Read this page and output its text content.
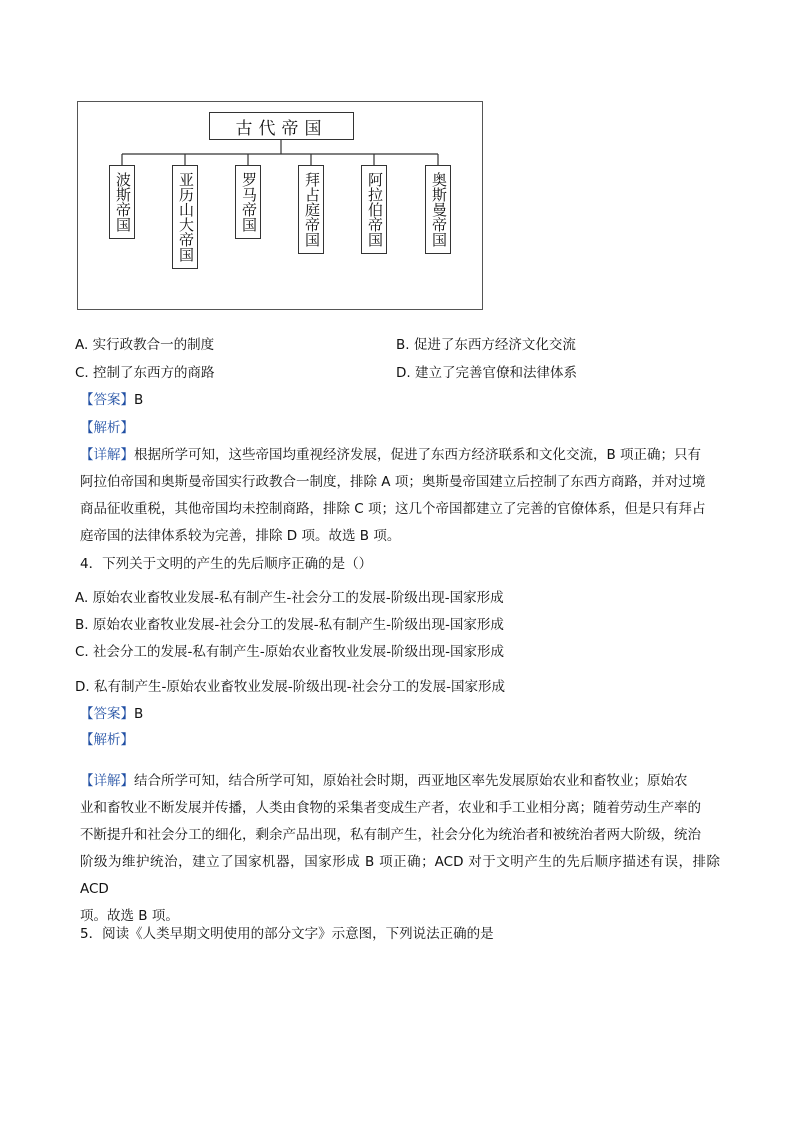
古代帝国
波斯帝国	亚历山大帝国	罗马帝国	拜占庭帝国	阿拉伯帝国	奥斯曼帝国
A. 实行政教合一的制度	B. 促进了东西方经济文化交流
C. 控制了东西方的商路	D. 建立了完善官僚和法律体系
【答案】B
【解析】
【详解】根据所学可知，这些帝国均重视经济发展，促进了东西方经济联系和文化交流，B 项正确；只有
阿拉伯帝国和奥斯曼帝国实行政教合一制度，排除 A 项；奥斯曼帝国建立后控制了东西方商路，并对过境
商品征收重税，其他帝国均未控制商路，排除 C 项；这几个帝国都建立了完善的官僚体系，但是只有拜占
庭帝国的法律体系较为完善，排除 D 项。故选 B 项。
4．下列关于文明的产生的先后顺序正确的是（）
A. 原始农业畜牧业发展-私有制产生-社会分工的发展-阶级出现-国家形成
B. 原始农业畜牧业发展-社会分工的发展-私有制产生-阶级出现-国家形成
C. 社会分工的发展-私有制产生-原始农业畜牧业发展-阶级出现-国家形成
D. 私有制产生-原始农业畜牧业发展-阶级出现-社会分工的发展-国家形成
【答案】B
【解析】
【详解】结合所学可知，结合所学可知，原始社会时期，西亚地区率先发展原始农业和畜牧业；原始农
业和畜牧业不断发展并传播，人类由食物的采集者变成生产者，农业和手工业相分离；随着劳动生产率的
不断提升和社会分工的细化，剩余产品出现，私有制产生，社会分化为统治者和被统治者两大阶级，统治
阶级为维护统治，建立了国家机器，国家形成 B 项正确；ACD 对于文明产生的先后顺序描述有误，排除 ACD
项。故选 B 项。
5．阅读《人类早期文明使用的部分文字》示意图，下列说法正确的是
